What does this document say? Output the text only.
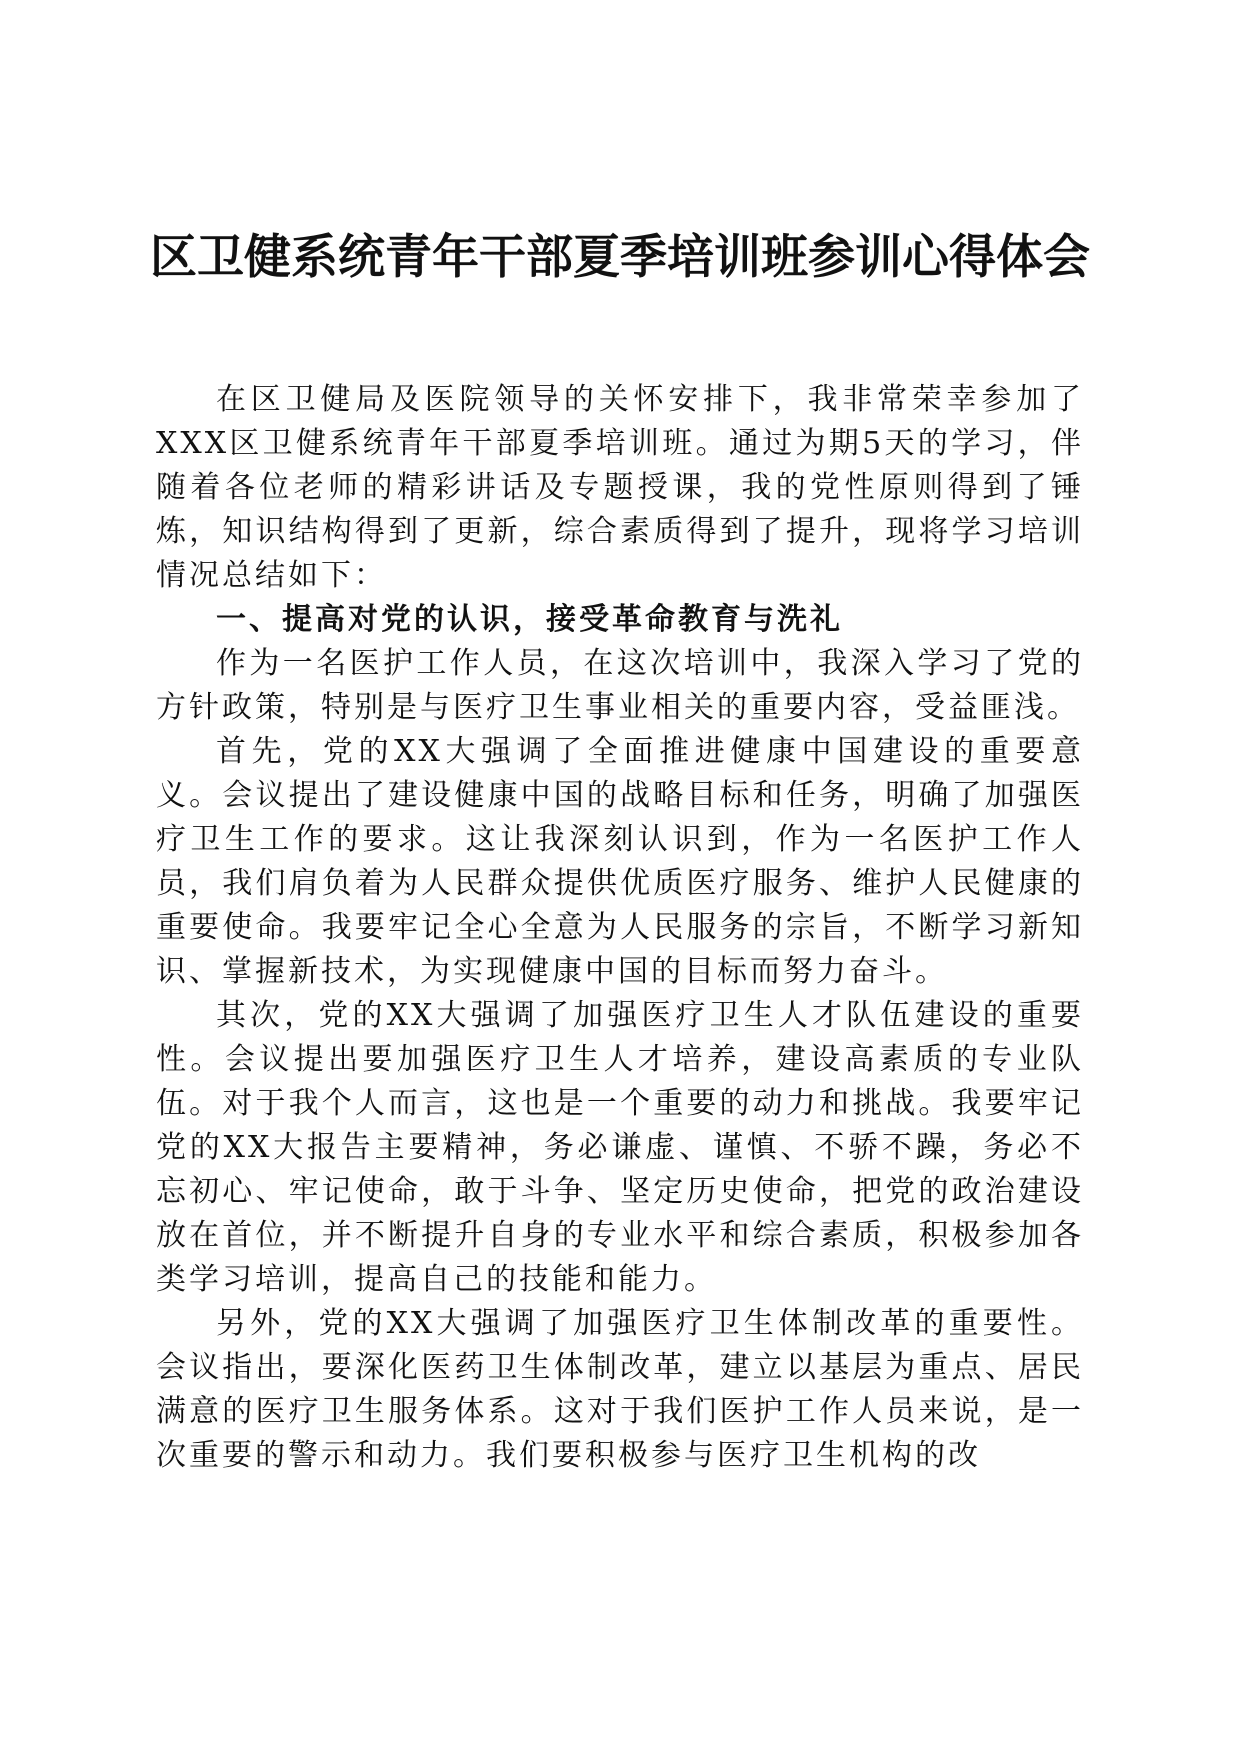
区卫健系统青年干部夏季培训班参训心得体会

在区卫健局及医院领导的关怀安排下，我非常荣幸参加了XXX区卫健系统青年干部夏季培训班。通过为期5天的学习，伴随着各位老师的精彩讲话及专题授课，我的党性原则得到了锤炼，知识结构得到了更新，综合素质得到了提升，现将学习培训情况总结如下：

一、提高对党的认识，接受革命教育与洗礼

作为一名医护工作人员，在这次培训中，我深入学习了党的方针政策，特别是与医疗卫生事业相关的重要内容，受益匪浅。

首先，党的XX大强调了全面推进健康中国建设的重要意义。会议提出了建设健康中国的战略目标和任务，明确了加强医疗卫生工作的要求。这让我深刻认识到，作为一名医护工作人员，我们肩负着为人民群众提供优质医疗服务、维护人民健康的重要使命。我要牢记全心全意为人民服务的宗旨，不断学习新知识、掌握新技术，为实现健康中国的目标而努力奋斗。

其次，党的XX大强调了加强医疗卫生人才队伍建设的重要性。会议提出要加强医疗卫生人才培养，建设高素质的专业队伍。对于我个人而言，这也是一个重要的动力和挑战。我要牢记党的XX大报告主要精神，务必谦虚、谨慎、不骄不躁，务必不忘初心、牢记使命，敢于斗争、坚定历史使命，把党的政治建设放在首位，并不断提升自身的专业水平和综合素质，积极参加各类学习培训，提高自己的技能和能力。

另外，党的XX大强调了加强医疗卫生体制改革的重要性。会议指出，要深化医药卫生体制改革，建立以基层为重点、居民满意的医疗卫生服务体系。这对于我们医护工作人员来说，是一次重要的警示和动力。我们要积极参与医疗卫生机构的改
